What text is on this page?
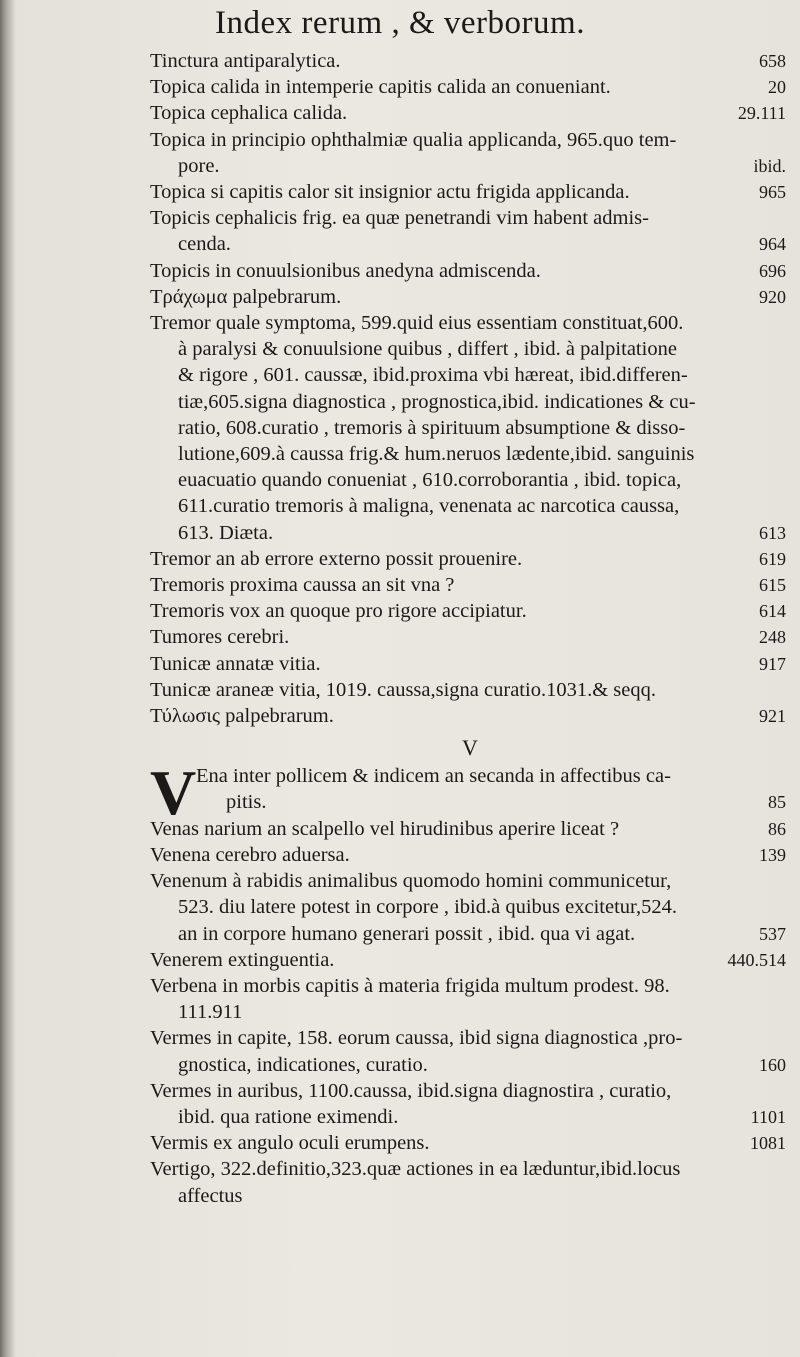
Index rerum , & verborum.
Tinctura antiparalytica.	658
Topica calida in intemperie capitis calida an conueniant.	20
Topica cephalica calida.	29.111
Topica in principio ophthalmiæ qualia applicanda, 965.quo tem-
pore.	ibid.
Topica si capitis calor sit insignior actu frigida applicanda.	965
Topicis cephalicis frig. ea quæ penetrandi vim habent admis-
cenda.	964
Topicis in conuulsionibus anedyna admiscenda.	696
Τράχωμα palpebrarum.	920
Tremor quale symptoma, 599.quid eius essentiam constituat,600.
à paralysi & conuulsione quibus , differt , ibid. à palpitatione
& rigore , 601. caussæ, ibid.proxima vbi hæreat, ibid.differen-
tiæ,605.signa diagnostica , prognostica,ibid. indicationes & cu-
ratio, 608.curatio , tremoris à spirituum absumptione & disso-
lutione,609.à caussa frig.& hum.neruos lædente,ibid. sanguinis
euacuatio quando conueniat , 610.corroborantia , ibid. topica,
611.curatio tremoris à maligna, venenata ac narcotica caussa,
613. Diæta.	613
Tremor an ab errore externo possit prouenire.	619
Tremoris proxima caussa an sit vna ?	615
Tremoris vox an quoque pro rigore accipiatur.	614
Tumores cerebri.	248
Tunicæ annatæ vitia.	917
Tunicæ araneæ vitia, 1019. caussa,signa curatio.1031.& seqq.
Τύλωσις palpebrarum.	921
V
V Ena inter pollicem & indicem an secanda in affectibus ca-
pitis.	85
Venas narium an scalpello vel hirudinibus aperire liceat ?	86
Venena cerebro aduersa.	139
Venenum à rabidis animalibus quomodo homini communicetur,
523. diu latere potest in corpore , ibid.à quibus excitetur,524.
an in corpore humano generari possit , ibid. qua vi agat.	537
Venerem extinguentia.	440.514
Verbena in morbis capitis à materia frigida multum prodest. 98.
111.911
Vermes in capite, 158. eorum caussa, ibid signa diagnostica ,pro-
gnostica, indicationes, curatio.	160
Vermes in auribus, 1100.caussa, ibid.signa diagnostira , curatio,
ibid. qua ratione eximendi.	1101
Vermis ex angulo oculi erumpens.	1081
Vertigo, 322.definitio,323.quæ actiones in ea læduntur,ibid.locus
affectus
